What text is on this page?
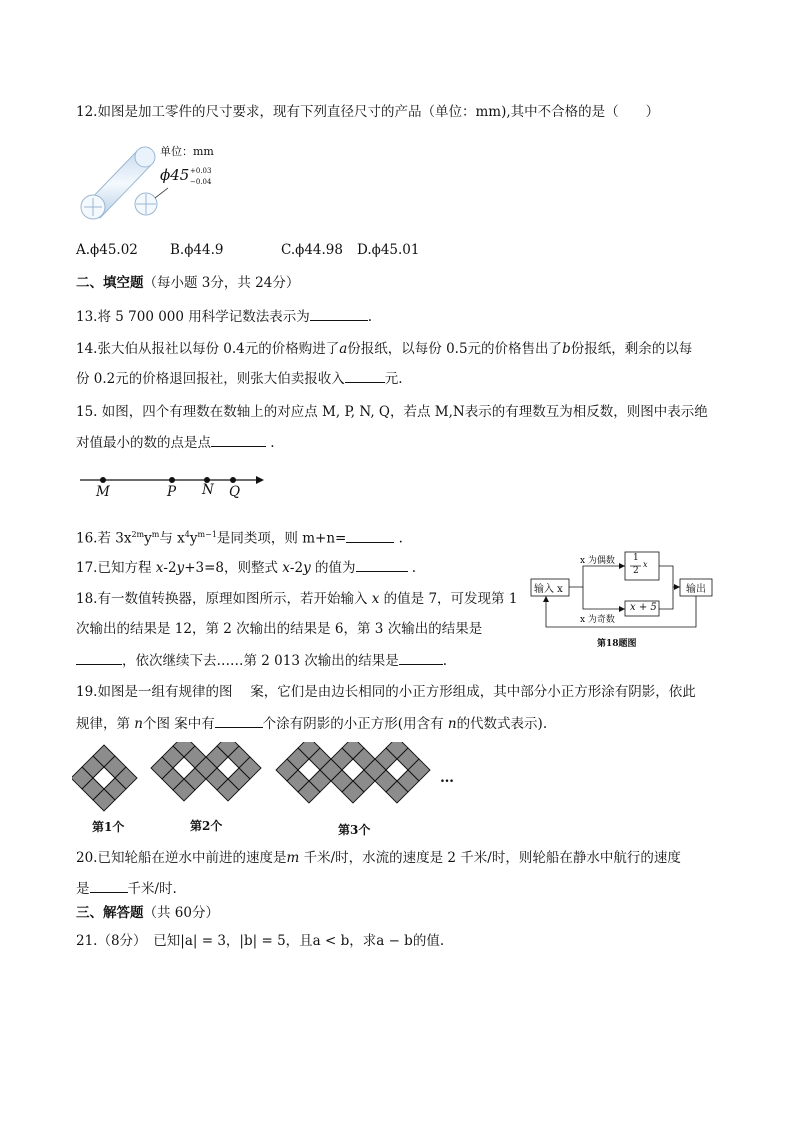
12.如图是加工零件的尺寸要求，现有下列直径尺寸的产品（单位：mm),其中不合格的是（　　）
单位：mm
ϕ45 +0.03
−0.04
A.ϕ45.02 B.ϕ44.9	C.ϕ44.98 D.ϕ45.01
二、填空题（每小题 3分，共 24分）
13.将 5 700 000 用科学记数法表示为	.
14.张大伯从报社以每份 0.4元的价格购进了a份报纸，以每份 0.5元的价格售出了b份报纸，剩余的以每
份 0.2元的价格退回报社，则张大伯卖报收入	元.
15. 如图，四个有理数在数轴上的对应点 M, P, N, Q，若点 M,N表示的有理数互为相反数，则图中表示绝
对值最小的数的点是点	.
M	P N Q
16.若 $3x^{2m}y^m$与 $x^4y^{m-1}$是同类项，则 m+n=	.
17.已知方程 x-2y+3=8，则整式 x-2y 的值为	.
18.有一数值转换器，原理如图所示，若开始输入 x 的值是 7，可发现第 1
次输出的结果是 12，第 2 次输出的结果是 6，第 3 次输出的结果是
，依次继续下去……第 2 013 次输出的结果是	.
输入 x	输出
x 为偶数
x 为奇数
1
2
x
x + 5
第18题图
19.如图是一组有规律的图　 案，它们是由边长相同的小正方形组成，其中部分小正方形涂有阴影，依此
规律，第 n个图 案中有	个涂有阴影的小正方形(用含有 n的代数式表示).
…
第1个	第2个	第3个
20.已知轮船在逆水中前进的速度是m 千米/时，水流的速度是 2 千米/时，则轮船在静水中航行的速度
是	千米/时.
三、解答题（共 60分）
21.（8分）　已知|a| = 3，|b| = 5，且a < b，求a − b的值.
